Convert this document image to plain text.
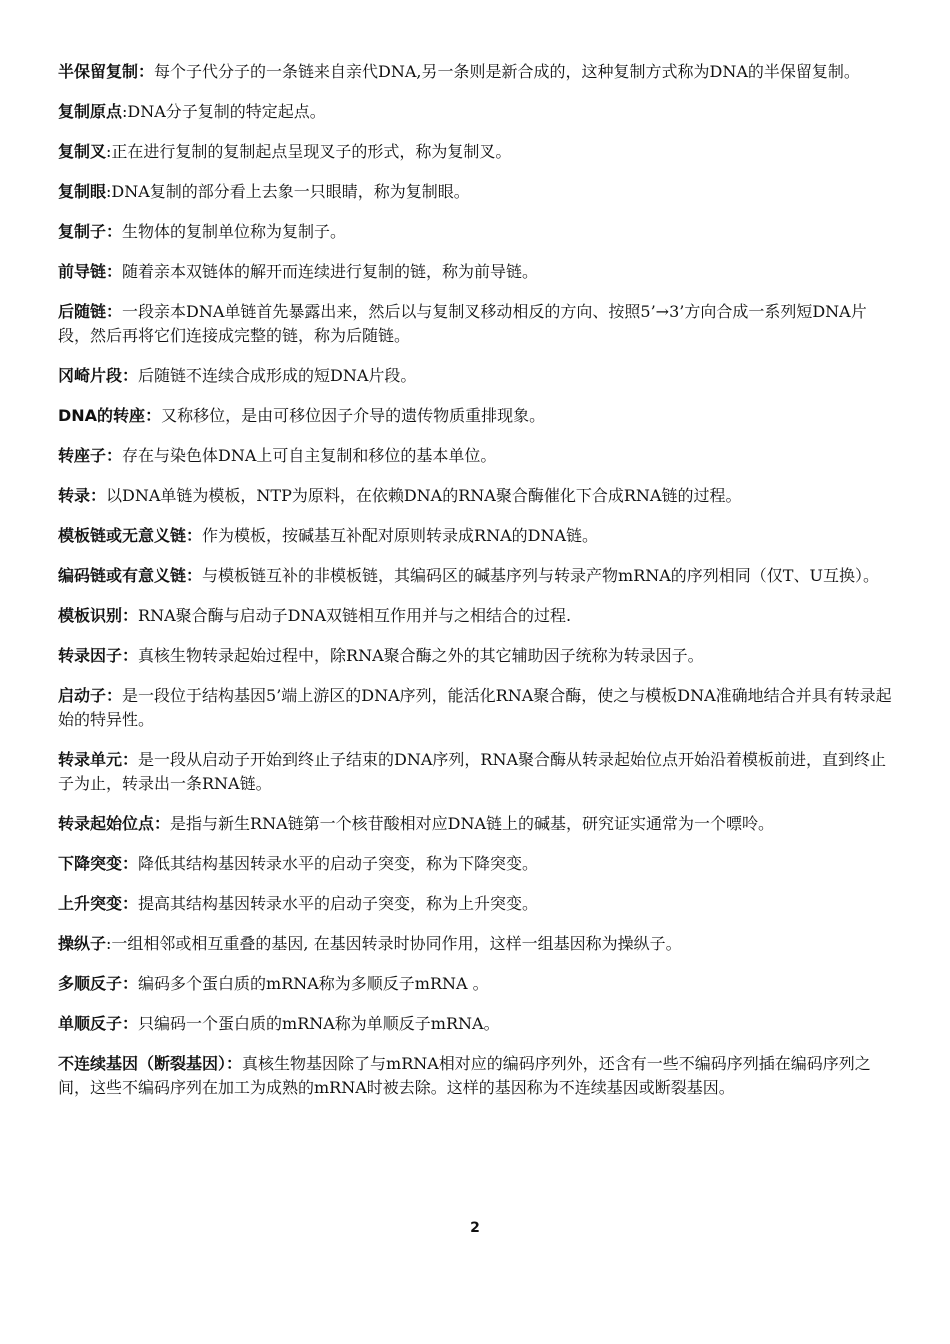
半保留复制：每个子代分子的一条链来自亲代DNA,另一条则是新合成的，这种复制方式称为DNA的半保留复制。

复制原点:DNA分子复制的特定起点。

复制叉:正在进行复制的复制起点呈现叉子的形式，称为复制叉。

复制眼:DNA复制的部分看上去象一只眼睛，称为复制眼。

复制子：生物体的复制单位称为复制子。

前导链：随着亲本双链体的解开而连续进行复制的链，称为前导链。

后随链：一段亲本DNA单链首先暴露出来，然后以与复制叉移动相反的方向、按照5’→3’方向合成一系列短DNA片段，然后再将它们连接成完整的链，称为后随链。

冈崎片段：后随链不连续合成形成的短DNA片段。

DNA的转座：又称移位，是由可移位因子介导的遗传物质重排现象。

转座子：存在与染色体DNA上可自主复制和移位的基本单位。

转录：以DNA单链为模板，NTP为原料，在依赖DNA的RNA聚合酶催化下合成RNA链的过程。

模板链或无意义链：作为模板，按碱基互补配对原则转录成RNA的DNA链。

编码链或有意义链：与模板链互补的非模板链，其编码区的碱基序列与转录产物mRNA的序列相同（仅T、U互换）。

模板识别：RNA聚合酶与启动子DNA双链相互作用并与之相结合的过程.

转录因子：真核生物转录起始过程中，除RNA聚合酶之外的其它辅助因子统称为转录因子。

启动子：是一段位于结构基因5’端上游区的DNA序列，能活化RNA聚合酶，使之与模板DNA准确地结合并具有转录起始的特异性。

转录单元：是一段从启动子开始到终止子结束的DNA序列，RNA聚合酶从转录起始位点开始沿着模板前进，直到终止子为止，转录出一条RNA链。

转录起始位点：是指与新生RNA链第一个核苷酸相对应DNA链上的碱基，研究证实通常为一个嘌呤。

下降突变：降低其结构基因转录水平的启动子突变，称为下降突变。

上升突变：提高其结构基因转录水平的启动子突变，称为上升突变。

操纵子:一组相邻或相互重叠的基因, 在基因转录时协同作用，这样一组基因称为操纵子。

多顺反子：编码多个蛋白质的mRNA称为多顺反子mRNA 。

单顺反子：只编码一个蛋白质的mRNA称为单顺反子mRNA。

不连续基因（断裂基因）：真核生物基因除了与mRNA相对应的编码序列外，还含有一些不编码序列插在编码序列之间，这些不编码序列在加工为成熟的mRNA时被去除。这样的基因称为不连续基因或断裂基因。

2
